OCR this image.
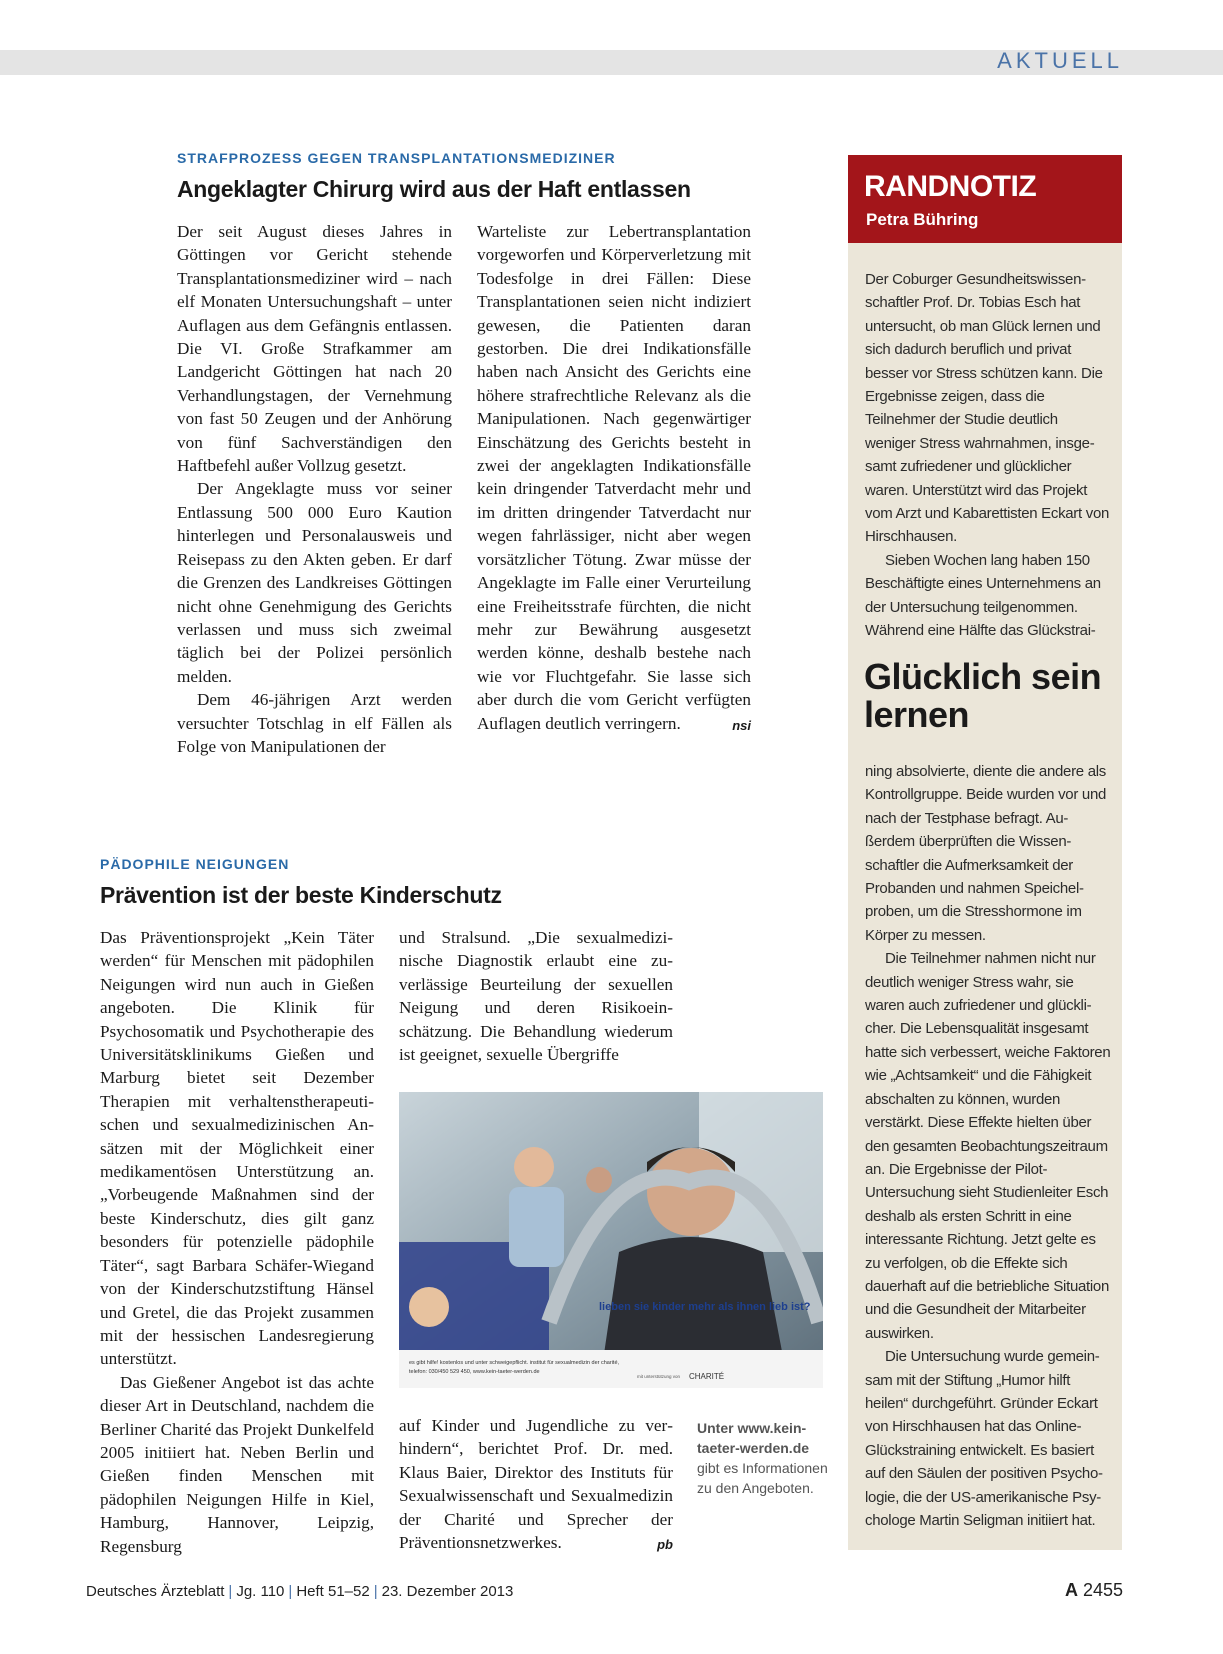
AKTUELL
STRAFPROZESS GEGEN TRANSPLANTATIONSMEDIZINER
Angeklagter Chirurg wird aus der Haft entlassen

Der seit August dieses Jahres in Göttingen vor Gericht stehende Transplantationsmediziner wird – nach elf Monaten Untersuchungshaft – unter Auflagen aus dem Gefängnis entlassen. Die VI. Große Strafkammer am Landgericht Göttingen hat nach 20 Verhandlungstagen, der Vernehmung von fast 50 Zeugen und der Anhörung von fünf Sachverständigen den Haftbefehl außer Vollzug gesetzt.

Der Angeklagte muss vor seiner Entlassung 500 000 Euro Kaution hinterlegen und Personalausweis und Reisepass zu den Akten geben. Er darf die Grenzen des Landkreises Göttingen nicht ohne Genehmigung des Gerichts verlassen und muss sich zweimal täglich bei der Polizei persönlich melden.

Dem 46-jährigen Arzt werden versuchter Totschlag in elf Fällen als Folge von Manipulationen der

Warteliste zur Lebertransplantation vorgeworfen und Körperverletzung mit Todesfolge in drei Fällen: Diese Transplantationen seien nicht indiziert gewesen, die Patienten daran gestorben. Die drei Indikationsfälle haben nach Ansicht des Gerichts eine höhere strafrechtliche Relevanz als die Manipulationen. Nach gegenwärtiger Einschätzung des Gerichts besteht in zwei der angeklagten Indikationsfälle kein dringender Tatverdacht mehr und im dritten dringender Tatverdacht nur wegen fahrlässiger, nicht aber wegen vorsätzlicher Tötung. Zwar müsse der Angeklagte im Falle einer Verurteilung eine Freiheitsstrafe fürchten, die nicht mehr zur Bewährung ausgesetzt werden könne, deshalb bestehe nach wie vor Fluchtgefahr. Sie lasse sich aber durch die vom Gericht verfügten Auflagen deutlich verringern.	nsi

PÄDOPHILE NEIGUNGEN
Prävention ist der beste Kinderschutz

Das Präventionsprojekt „Kein Täter werden“ für Menschen mit pädophilen Neigungen wird nun auch in Gießen angeboten. Die Klinik für Psychosomatik und Psychotherapie des Universitätsklinikums Gießen und Marburg bietet seit Dezember Therapien mit verhaltenstherapeutischen und sexualmedizinischen Ansätzen mit der Möglichkeit einer medikamentösen Unterstützung an. „Vorbeugende Maßnahmen sind der beste Kinderschutz, dies gilt ganz besonders für potenzielle pädophile Täter“, sagt Barbara Schäfer-Wiegand von der Kinderschutzstiftung Hänsel und Gretel, die das Projekt zusammen mit der hessischen Landesregierung unterstützt.

Das Gießener Angebot ist das achte dieser Art in Deutschland, nachdem die Berliner Charité das Projekt Dunkelfeld 2005 initiiert hat. Neben Berlin und Gießen finden Menschen mit pädophilen Neigungen Hilfe in Kiel, Hamburg, Hannover, Leipzig, Regensburg

und Stralsund. „Die sexualmedizinische Diagnostik erlaubt eine zuverlässige Beurteilung der sexuellen Neigung und deren Risikoeinschätzung. Die Behandlung wiederum ist geeignet, sexuelle Übergriffe

lieben sie kinder mehr als ihnen lieb ist?
es gibt hilfe! kostenlos und unter schweigepflicht. institut für sexualmedizin der charité,
telefon: 030/450 529 450, www.kein-taeter-werden.de
mit unterstützung von CHARITÉ

auf Kinder und Jugendliche zu verhindern“, berichtet Prof. Dr. med. Klaus Baier, Direktor des Instituts für Sexualwissenschaft und Sexualmedizin der Charité und Sprecher der Präventionsnetzwerkes.	pb

Unter www.keintaeter-werden.de
gibt es Informationen zu den Angeboten.
RANDNOTIZ
Petra Bühring

Der Coburger Gesundheitswissenschaftler Prof. Dr. Tobias Esch hat untersucht, ob man Glück lernen und sich dadurch beruflich und privat besser vor Stress schützen kann. Die Ergebnisse zeigen, dass die Teilnehmer der Studie deutlich weniger Stress wahrnahmen, insgesamt zufriedener und glücklicher waren. Unterstützt wird das Projekt vom Arzt und Kabarettisten Eckart von Hirschhausen.

Sieben Wochen lang haben 150 Beschäftigte eines Unternehmens an der Untersuchung teilgenommen. Während eine Hälfte das Glückstrai-

Glücklich sein lernen

ning absolvierte, diente die andere als Kontrollgruppe. Beide wurden vor und nach der Testphase befragt. Außerdem überprüften die Wissenschaftler die Aufmerksamkeit der Probanden und nahmen Speichelproben, um die Stresshormone im Körper zu messen.

Die Teilnehmer nahmen nicht nur deutlich weniger Stress wahr, sie waren auch zufriedener und glücklicher. Die Lebensqualität insgesamt hatte sich verbessert, weiche Faktoren wie „Achtsamkeit“ und die Fähigkeit abschalten zu können, wurden verstärkt. Diese Effekte hielten über den gesamten Beobachtungszeitraum an. Die Ergebnisse der Pilot-Untersuchung sieht Studienleiter Esch deshalb als ersten Schritt in eine interessante Richtung. Jetzt gelte es zu verfolgen, ob die Effekte sich dauerhaft auf die betriebliche Situation und die Gesundheit der Mitarbeiter auswirken.

Die Untersuchung wurde gemeinsam mit der Stiftung „Humor hilft heilen“ durchgeführt. Gründer Eckart von Hirschhausen hat das Online-Glückstraining entwickelt. Es basiert auf den Säulen der positiven Psychologie, die der US-amerikanische Psychologe Martin Seligman initiiert hat.

Deutsches Ärzteblatt | Jg. 110 | Heft 51–52 | 23. Dezember 2013	A 2455
